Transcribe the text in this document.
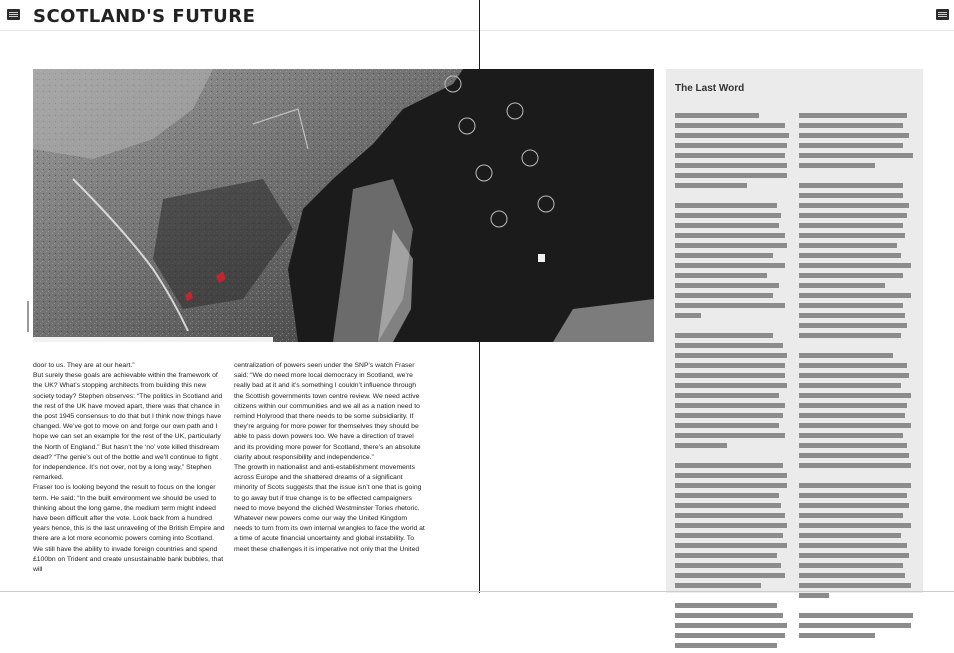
SCOTLAND'S FUTURE
door to us. They are at our heart.”
But surely these goals are achievable within the framework of the UK? What’s stopping architects from building this new society today? Stephen observes: “The politics in Scotland and the rest of the UK have moved apart, there was that chance in the post 1945 consensus to do that but I think now things have changed. We’ve got to move on and forge our own path and I hope we can set an example for the rest of the UK, particularly the North of England.” But hasn’t the ‘no’ vote killed thisdream dead? “The genie’s out of the bottle and we’ll continue to fight for independence. It’s not over, not by a long way,” Stephen remarked.
Fraser too is looking beyond the result to focus on the longer term. He said: “In the built environment we should be used to thinking about the long game, the medium term might indeed have been difficult after the vote. Look back from a hundred years hence, this is the last unraveling of the British Empire and there are a lot more economic powers coming into Scotland. We still have the ability to invade foreign countries and spend £100bn on Trident and create unsustainable bank bubbles, that will
centralization of powers seen under the SNP’s watch Fraser said: “We do need more local democracy in Scotland, we’re really bad at it and it’s something I couldn’t influence through the Scottish governments town centre review. We need active citizens within our communities and we all as a nation need to remind Holyrood that there needs to be some subsidiarity. If they’re arguing for more power for themselves they should be able to pass down powers too. We have a direction of travel and its providing more power for Scotland, there’s an absolute clarity about responsibility and independence.”
The growth in nationalist and anti-establishment movements across Europe and the shattered dreams of a significant minority of Scots suggests that the issue isn’t one that is going to go away but if true change is to be effected campaigners need to move beyond the clichéd Westminster Tories rhetoric. Whatever new powers come our way the United Kingdom needs to turn from its own internal wrangles to face the world at a time of acute financial uncertainty and global instability. To meet these challenges it is imperative not only that the United
The Last Word
